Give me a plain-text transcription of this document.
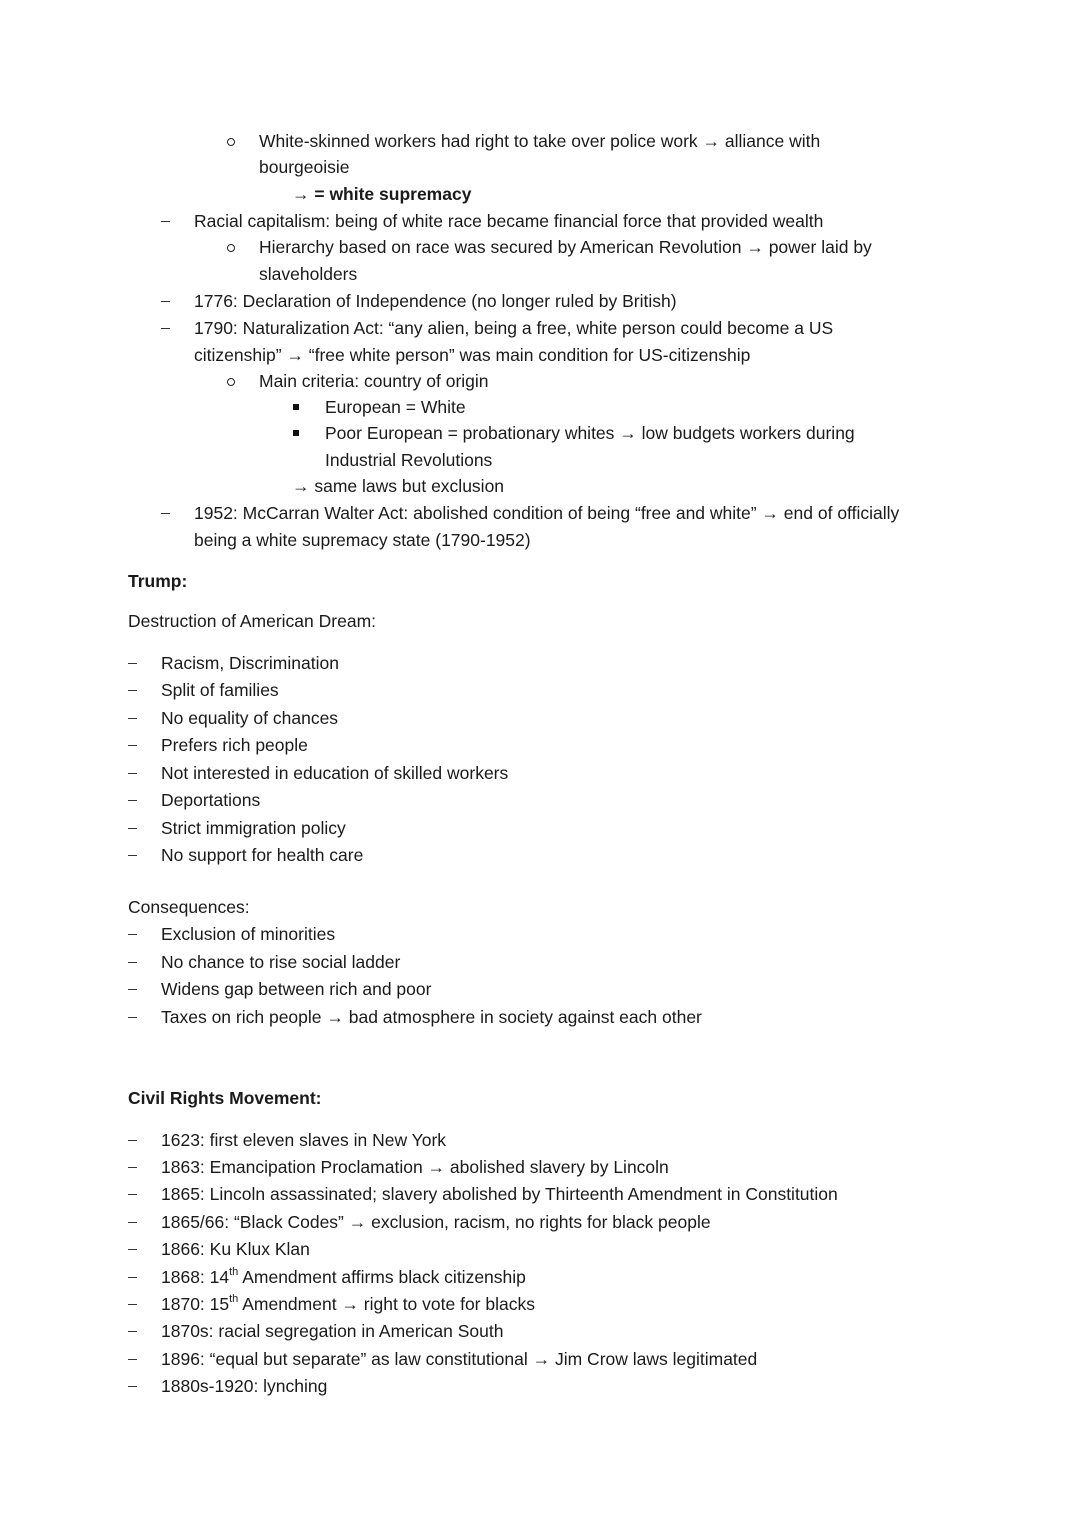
White-skinned workers had right to take over police work → alliance with
bourgeoisie
→ = white supremacy
Racial capitalism: being of white race became financial force that provided wealth
Hierarchy based on race was secured by American Revolution → power laid by
slaveholders
1776: Declaration of Independence (no longer ruled by British)
1790: Naturalization Act: “any alien, being a free, white person could become a US
citizenship” → “free white person” was main condition for US-citizenship
Main criteria: country of origin
European = White
Poor European = probationary whites → low budgets workers during
Industrial Revolutions
→ same laws but exclusion
1952: McCarran Walter Act: abolished condition of being “free and white” → end of officially
being a white supremacy state (1790-1952)
Trump:
Destruction of American Dream:
Racism, Discrimination
Split of families
No equality of chances
Prefers rich people
Not interested in education of skilled workers
Deportations
Strict immigration policy
No support for health care
Consequences:
Exclusion of minorities
No chance to rise social ladder
Widens gap between rich and poor
Taxes on rich people → bad atmosphere in society against each other
Civil Rights Movement:
1623: first eleven slaves in New York
1863: Emancipation Proclamation → abolished slavery by Lincoln
1865: Lincoln assassinated; slavery abolished by Thirteenth Amendment in Constitution
1865/66: “Black Codes” → exclusion, racism, no rights for black people
1866: Ku Klux Klan
1868: 14th Amendment affirms black citizenship
1870: 15th Amendment → right to vote for blacks
1870s: racial segregation in American South
1896: “equal but separate” as law constitutional → Jim Crow laws legitimated
1880s-1920: lynching
